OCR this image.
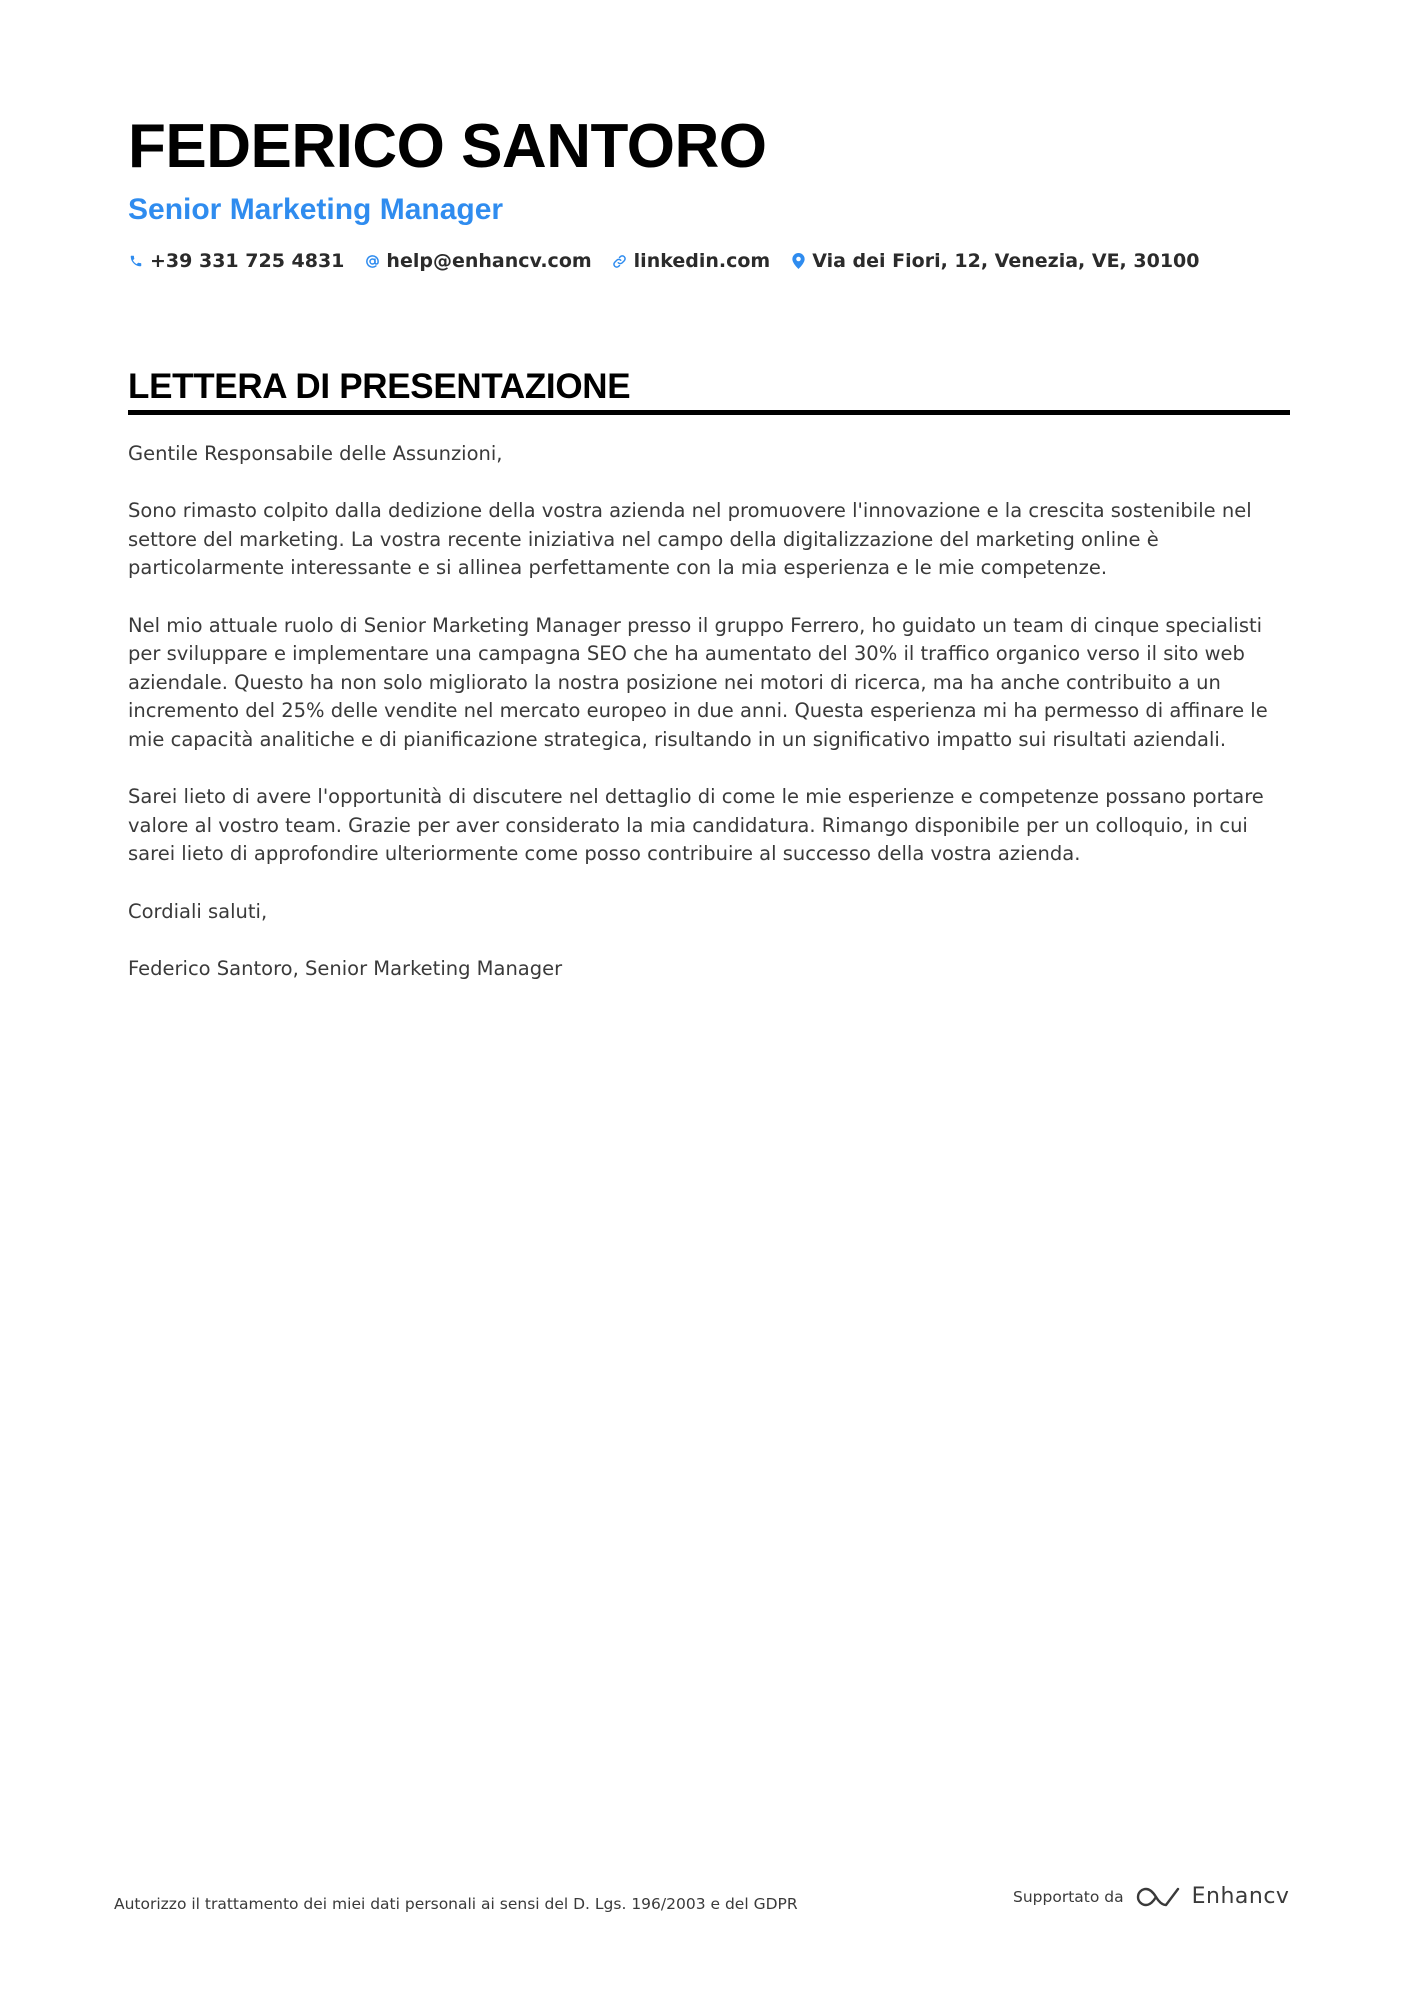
FEDERICO SANTORO
Senior Marketing Manager
+39 331 725 4831 help@enhancv.com linkedin.com Via dei Fiori, 12, Venezia, VE, 30100
LETTERA DI PRESENTAZIONE

Gentile Responsabile delle Assunzioni,

Sono rimasto colpito dalla dedizione della vostra azienda nel promuovere l'innovazione e la crescita sostenibile nel settore del marketing. La vostra recente iniziativa nel campo della digitalizzazione del marketing online è particolarmente interessante e si allinea perfettamente con la mia esperienza e le mie competenze.

Nel mio attuale ruolo di Senior Marketing Manager presso il gruppo Ferrero, ho guidato un team di cinque specialisti per sviluppare e implementare una campagna SEO che ha aumentato del 30% il traffico organico verso il sito web aziendale. Questo ha non solo migliorato la nostra posizione nei motori di ricerca, ma ha anche contribuito a un incremento del 25% delle vendite nel mercato europeo in due anni. Questa esperienza mi ha permesso di affinare le mie capacità analitiche e di pianificazione strategica, risultando in un significativo impatto sui risultati aziendali.

Sarei lieto di avere l'opportunità di discutere nel dettaglio di come le mie esperienze e competenze possano portare valore al vostro team. Grazie per aver considerato la mia candidatura. Rimango disponibile per un colloquio, in cui sarei lieto di approfondire ulteriormente come posso contribuire al successo della vostra azienda.

Cordiali saluti,

Federico Santoro, Senior Marketing Manager

Autorizzo il trattamento dei miei dati personali ai sensi del D. Lgs. 196/2003 e del GDPR	Supportato da	Enhancv
